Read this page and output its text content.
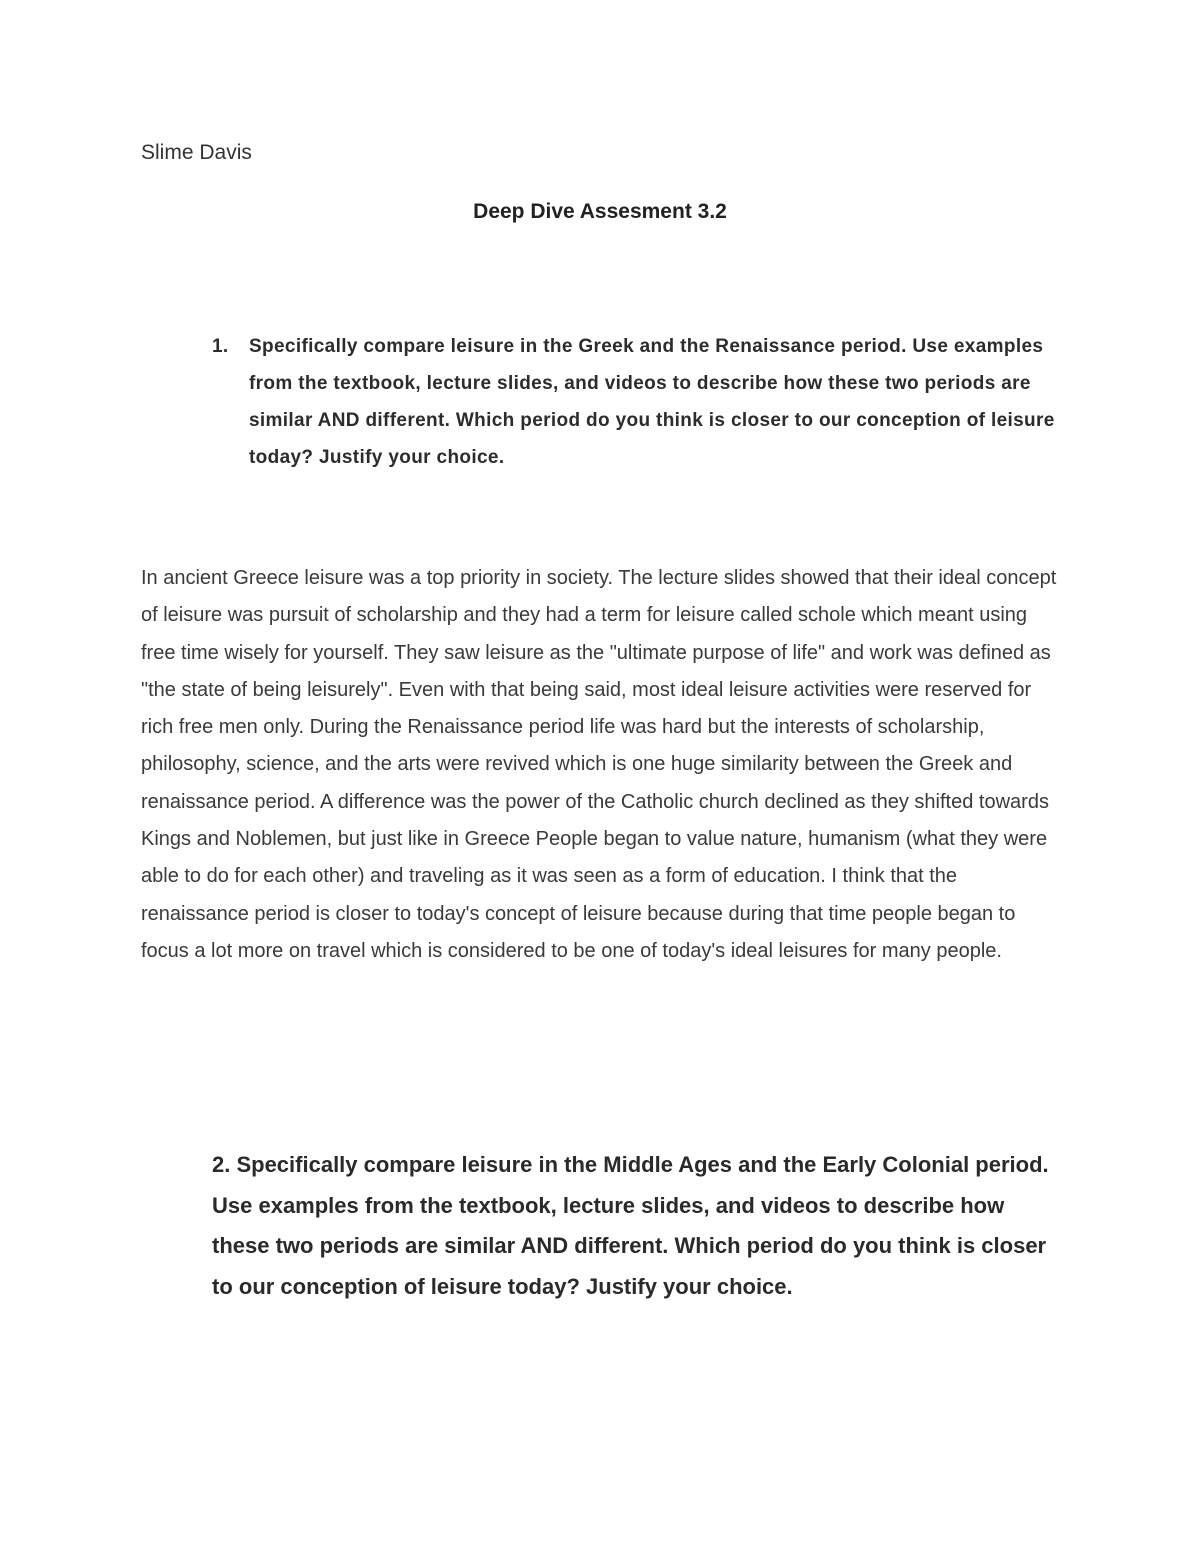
Slime Davis
Deep Dive Assesment 3.2
1. Specifically compare leisure in the Greek and the Renaissance period. Use examples from the textbook, lecture slides, and videos to describe how these two periods are similar AND different. Which period do you think is closer to our conception of leisure today? Justify your choice.
In ancient Greece leisure was a top priority in society. The lecture slides showed that their ideal concept of leisure was pursuit of scholarship and they had a term for leisure called schole which meant using free time wisely for yourself. They saw leisure as the "ultimate purpose of life" and work was defined as "the state of being leisurely". Even with that being said, most ideal leisure activities were reserved for rich free men only. During the Renaissance period life was hard but the interests of scholarship, philosophy, science, and the arts were revived which is one huge similarity between the Greek and renaissance period. A difference was the power of the Catholic church declined as they shifted towards Kings and Noblemen, but just like in Greece People began to value nature, humanism (what they were able to do for each other) and traveling as it was seen as a form of education. I think that the renaissance period is closer to today's concept of leisure because during that time people began to focus a lot more on travel which is considered to be one of today's ideal leisures for many people.
2. Specifically compare leisure in the Middle Ages and the Early Colonial period. Use examples from the textbook, lecture slides, and videos to describe how these two periods are similar AND different. Which period do you think is closer to our conception of leisure today? Justify your choice.
